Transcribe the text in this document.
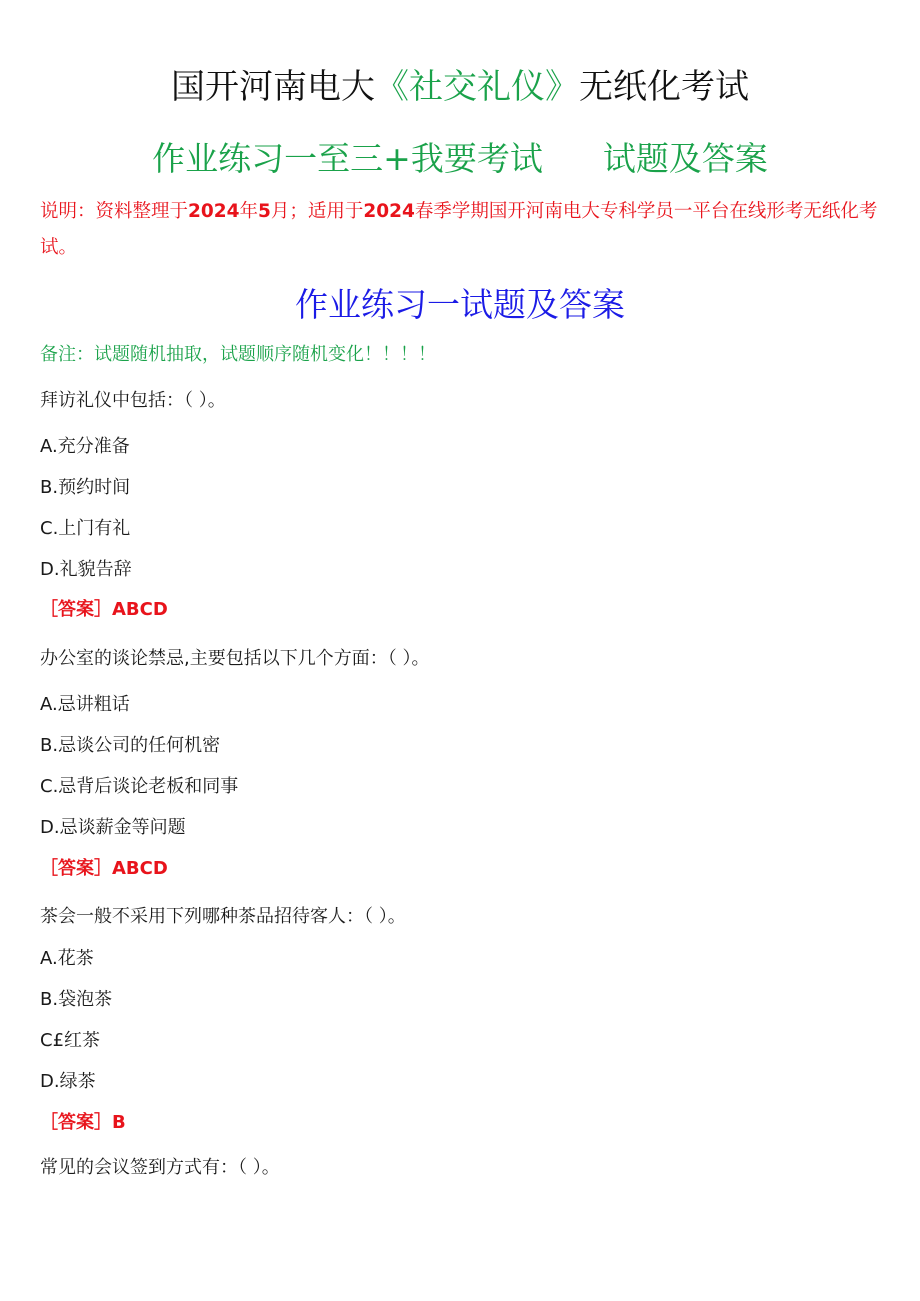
国开河南电大《社交礼仪》无纸化考试
作业练习一至三+我要考试 试题及答案
说明：资料整理于2024年5月；适用于2024春季学期国开河南电大专科学员一平台在线形考无纸化考试。
作业练习一试题及答案
备注：试题随机抽取，试题顺序随机变化！！！！
拜访礼仪中包括：（ ）。
A.充分准备
B.预约时间
C.上门有礼
D.礼貌告辞
［答案］ABCD
办公室的谈论禁忌,主要包括以下几个方面：（ ）。
A.忌讲粗话
B.忌谈公司的任何机密
C.忌背后谈论老板和同事
D.忌谈薪金等问题
［答案］ABCD
茶会一般不采用下列哪种茶品招待客人：（ ）。
A.花茶
B.袋泡茶
C£红茶
D.绿茶
［答案］B
常见的会议签到方式有：（ ）。
